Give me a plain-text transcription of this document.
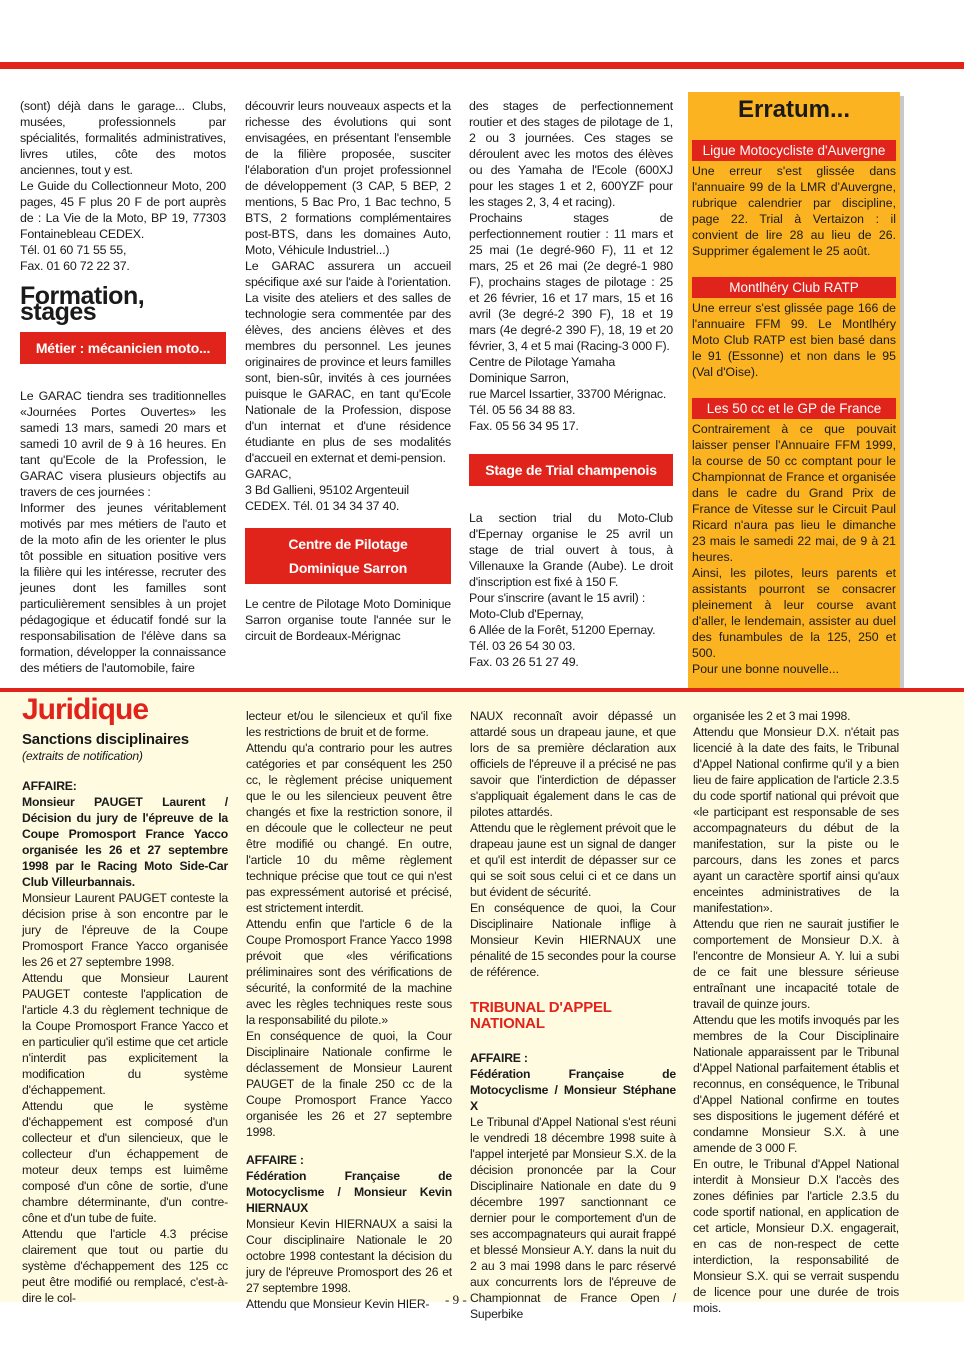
(sont) déjà dans le garage... Clubs, musées, professionnels par spécialités, formalités administratives, livres utiles, côte des motos anciennes, tout y est.

Le Guide du Collectionneur Moto, 200 pages, 45 F plus 20 F de port auprès de : La Vie de la Moto, BP 19, 77303 Fontainebleau CEDEX.

Tél. 01 60 71 55 55,

Fax. 01 60 72 22 37.

Formation, stages
Métier : mécanicien moto...

Le GARAC tiendra ses traditionnelles «Journées Portes Ouvertes» les samedi 13 mars, samedi 20 mars et samedi 10 avril de 9 à 16 heures. En tant qu'Ecole de la Profession, le GARAC visera plusieurs objectifs au travers de ces journées :

Informer des jeunes véritablement motivés par mes métiers de l'auto et de la moto afin de les orienter le plus tôt possible en situation positive vers la filière qui les intéresse, recruter des jeunes dont les familles sont particulièrement sensibles à un projet pédagogique et éducatif fondé sur la responsabilisation de l'élève dans sa formation, développer la connaissance des métiers de l'automobile, faire

découvrir leurs nouveaux aspects et la richesse des évolutions qui sont envisagées, en présentant l'ensemble de la filière proposée, susciter l'élaboration d'un projet professionnel de développement (3 CAP, 5 BEP, 2 mentions, 5 Bac Pro, 1 Bac techno, 5 BTS, 2 formations complémentaires post-BTS, dans les domaines Auto, Moto, Véhicule Industriel...)

Le GARAC assurera un accueil spécifique axé sur l'aide à l'orientation. La visite des ateliers et des salles de technologie sera commentée par des élèves, des anciens élèves et des membres du personnel. Les jeunes originaires de province et leurs familles sont, bien-sûr, invités à ces journées puisque le GARAC, en tant qu'Ecole Nationale de la Profession, dispose d'un internat et d'une résidence étudiante en plus de ses modalités d'accueil en externat et demi-pension.

GARAC,

3 Bd Gallieni, 95102 Argenteuil CEDEX. Tél. 01 34 34 37 40.

Centre de Pilotage
Dominique Sarron

Le centre de Pilotage Moto Dominique Sarron organise toute l'année sur le circuit de Bordeaux-Mérignac

des stages de perfectionnement routier et des stages de pilotage de 1, 2 ou 3 journées. Ces stages se déroulent avec les motos des élèves ou des Yamaha de l'Ecole (600XJ pour les stages 1 et 2, 600YZF pour les stages 2, 3, 4 et racing).

Prochains stages de perfectionnement routier : 11 mars et 25 mai (1e degré-960 F), 11 et 12 mars, 25 et 26 mai (2e degré-1 980 F), prochains stages de pilotage : 25 et 26 février, 16 et 17 mars, 15 et 16 avril (3e degré-2 390 F), 18 et 19 mars (4e degré-2 390 F), 18, 19 et 20 février, 3, 4 et 5 mai (Racing-3 000 F).

Centre de Pilotage Yamaha

Dominique Sarron,

rue Marcel Issartier, 33700 Mérignac.

Tél. 05 56 34 88 83.

Fax. 05 56 34 95 17.

Stage de Trial champenois

La section trial du Moto-Club d'Epernay organise le 25 avril un stage de trial ouvert à tous, à Villenauxe la Grande (Aube). Le droit d'inscription est fixé à 150 F.

Pour s'inscrire (avant le 15 avril) :

Moto-Club d'Epernay,

6 Allée de la Forêt, 51200 Epernay.

Tél. 03 26 54 30 03.

Fax. 03 26 51 27 49.

Erratum...
Ligue Motocycliste d'Auvergne
Une erreur s'est glissée dans l'annuaire 99 de la LMR d'Auvergne, rubrique calendrier par discipline, page 22. Trial à Vertaizon : il convient de lire 28 au lieu de 26. Supprimer également le 25 août.
Montlhéry Club RATP
Une erreur s'est glissée page 166 de l'annuaire FFM 99. Le Montlhéry Moto Club RATP est bien basé dans le 91 (Essonne) et non dans le 95 (Val d'Oise).
Les 50 cc et le GP de France
Contrairement à ce que pouvait laisser penser l'Annuaire FFM 1999, la course de 50 cc comptant pour le Championnat de France et organisée dans le cadre du Grand Prix de France de Vitesse sur le Circuit Paul Ricard n'aura pas lieu le dimanche 23 mais le samedi 22 mai, de 9 à 21 heures.
Ainsi, les pilotes, leurs parents et assistants pourront se consacrer pleinement à leur course avant d'aller, le lendemain, assister au duel des funambules de la 125, 250 et 500.
Pour une bonne nouvelle...
Juridique
Sanctions disciplinaires
(extraits de notification)

AFFAIRE:

Monsieur PAUGET Laurent / Décision du jury de l'épreuve de la Coupe Promosport France Yacco organisée les 26 et 27 septembre 1998 par le Racing Moto Side-Car Club Villeurbannais.

Monsieur Laurent PAUGET conteste la décision prise à son encontre par le jury de l'épreuve de la Coupe Promosport France Yacco organisée les 26 et 27 septembre 1998.

Attendu que Monsieur Laurent PAUGET conteste l'application de l'article 4.3 du règlement technique de la Coupe Promosport France Yacco et en particulier qu'il estime que cet article n'interdit pas explicitement la modification du système d'échappement.

Attendu que le système d'échappement est composé d'un collecteur et d'un silencieux, que le collecteur d'un échappement de moteur deux temps est luimême composé d'un cône de sortie, d'une chambre déterminante, d'un contre-cône et d'un tube de fuite.

Attendu que l'article 4.3 précise clairement que tout ou partie du système d'échappement des 125 cc peut être modifié ou remplacé, c'est-à-dire le col-

lecteur et/ou le silencieux et qu'il fixe les restrictions de bruit et de forme.

Attendu qu'a contrario pour les autres catégories et par conséquent les 250 cc, le règlement précise uniquement que le ou les silencieux peuvent être changés et fixe la restriction sonore, il en découle que le collecteur ne peut être modifié ou changé. En outre, l'article 10 du même règlement technique précise que tout ce qui n'est pas expressément autorisé et précisé, est strictement interdit.

Attendu enfin que l'article 6 de la Coupe Promosport France Yacco 1998 prévoit que «les vérifications préliminaires sont des vérifications de sécurité, la conformité de la machine avec les règles techniques reste sous la responsabilité du pilote.»

En conséquence de quoi, la Cour Disciplinaire Nationale confirme le déclassement de Monsieur Laurent PAUGET de la finale 250 cc de la Coupe Promosport France Yacco organisée les 26 et 27 septembre 1998.

AFFAIRE :

Fédération Française de Motocyclisme / Monsieur Kevin HIERNAUX

Monsieur Kevin HIERNAUX a saisi la Cour disciplinaire Nationale le 20 octobre 1998 contestant la décision du jury de l'épreuve Promosport des 26 et 27 septembre 1998.

Attendu que Monsieur Kevin HIER-

NAUX reconnaît avoir dépassé un attardé sous un drapeau jaune, et que lors de sa première déclaration aux officiels de l'épreuve il a précisé ne pas savoir que l'interdiction de dépasser s'appliquait également dans le cas de pilotes attardés.

Attendu que le règlement prévoit que le drapeau jaune est un signal de danger et qu'il est interdit de dépasser sur ce qui se soit sous celui ci et ce dans un but évident de sécurité.

En conséquence de quoi, la Cour Disciplinaire Nationale inflige à Monsieur Kevin HIERNAUX une pénalité de 15 secondes pour la course de référence.

TRIBUNAL D'APPEL
NATIONAL

AFFAIRE :

Fédération Française de Motocyclisme / Monsieur Stéphane X

Le Tribunal d'Appel National s'est réuni le vendredi 18 décembre 1998 suite à l'appel interjeté par Monsieur S.X. de la décision prononcée par la Cour Disciplinaire Nationale en date du 9 décembre 1997 sanctionnant ce dernier pour le comportement d'un de ses accompagnateurs qui aurait frappé et blessé Monsieur A.Y. dans la nuit du 2 au 3 mai 1998 dans le parc réservé aux concurrents lors de l'épreuve de Championnat de France Open / Superbike

organisée les 2 et 3 mai 1998.

Attendu que Monsieur D.X. n'était pas licencié à la date des faits, le Tribunal d'Appel National confirme qu'il y a bien lieu de faire application de l'article 2.3.5 du code sportif national qui prévoit que «le participant est responsable de ses accompagnateurs du début de la manifestation, sur la piste ou le parcours, dans les zones et parcs ayant un caractère sportif ainsi qu'aux enceintes administratives de la manifestation».

Attendu que rien ne saurait justifier le comportement de Monsieur D.X. à l'encontre de Monsieur A. Y. lui a subi de ce fait une blessure sérieuse entraînant une incapacité totale de travail de quinze jours.

Attendu que les motifs invoqués par les membres de la Cour Disciplinaire Nationale apparaissent par le Tribunal d'Appel National parfaitement établis et reconnus, en conséquence, le Tribunal d'Appel National confirme en toutes ses dispositions le jugement déféré et condamne Monsieur S.X. à une amende de 3 000 F.

En outre, le Tribunal d'Appel National interdit à Monsieur D.X l'accès des zones définies par l'article 2.3.5 du code sportif national, en application de cet article, Monsieur D.X. engagerait, en cas de non-respect de cette interdiction, la responsabilité de Monsieur S.X. qui se verrait suspendu de licence pour une durée de trois mois.

- 9 -
